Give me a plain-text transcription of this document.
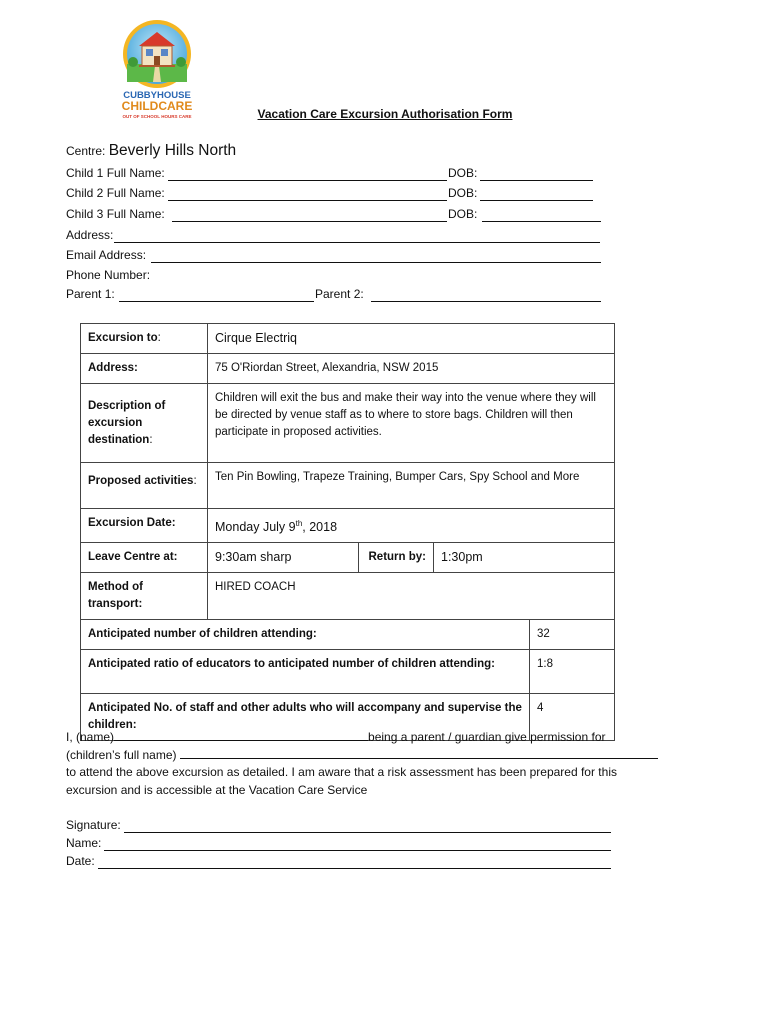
CUBBYHOUSE
CHILDCARE
OUT OF SCHOOL HOURS CARE	Vacation Care Excursion Authorisation Form
Centre: Beverly Hills North
Child 1 Full Name:	DOB:
Child 2 Full Name:	DOB:
Child 3 Full Name:	DOB:
Address:
Email Address:
Phone Number:
Parent 1:	Parent 2:
Excursion to:	Cirque Electriq			
Address:	75 O'Riordan Street, Alexandria, NSW 2015			
Description of excursion destination:	Children will exit the bus and make their way into the venue where they will be directed by venue staff as to where to store bags. Children will then participate in proposed activities.			
Proposed activities:	Ten Pin Bowling, Trapeze Training, Bumper Cars, Spy School and More			
Excursion Date:	Monday July 9th, 2018			
Leave Centre at:	9:30am sharp	Return by:	1:30pm	
Method of transport:	HIRED COACH			
Anticipated number of children attending:				32
Anticipated ratio of educators to anticipated number of children attending:				1:8
Anticipated No. of staff and other adults who will accompany and supervise the children:				4
I, (name)	being a parent / guardian give permission for
(children’s full name)
to attend the above excursion as detailed. I am aware that a risk assessment has been prepared for this
excursion and is accessible at the Vacation Care Service
Signature:
Name:
Date:
